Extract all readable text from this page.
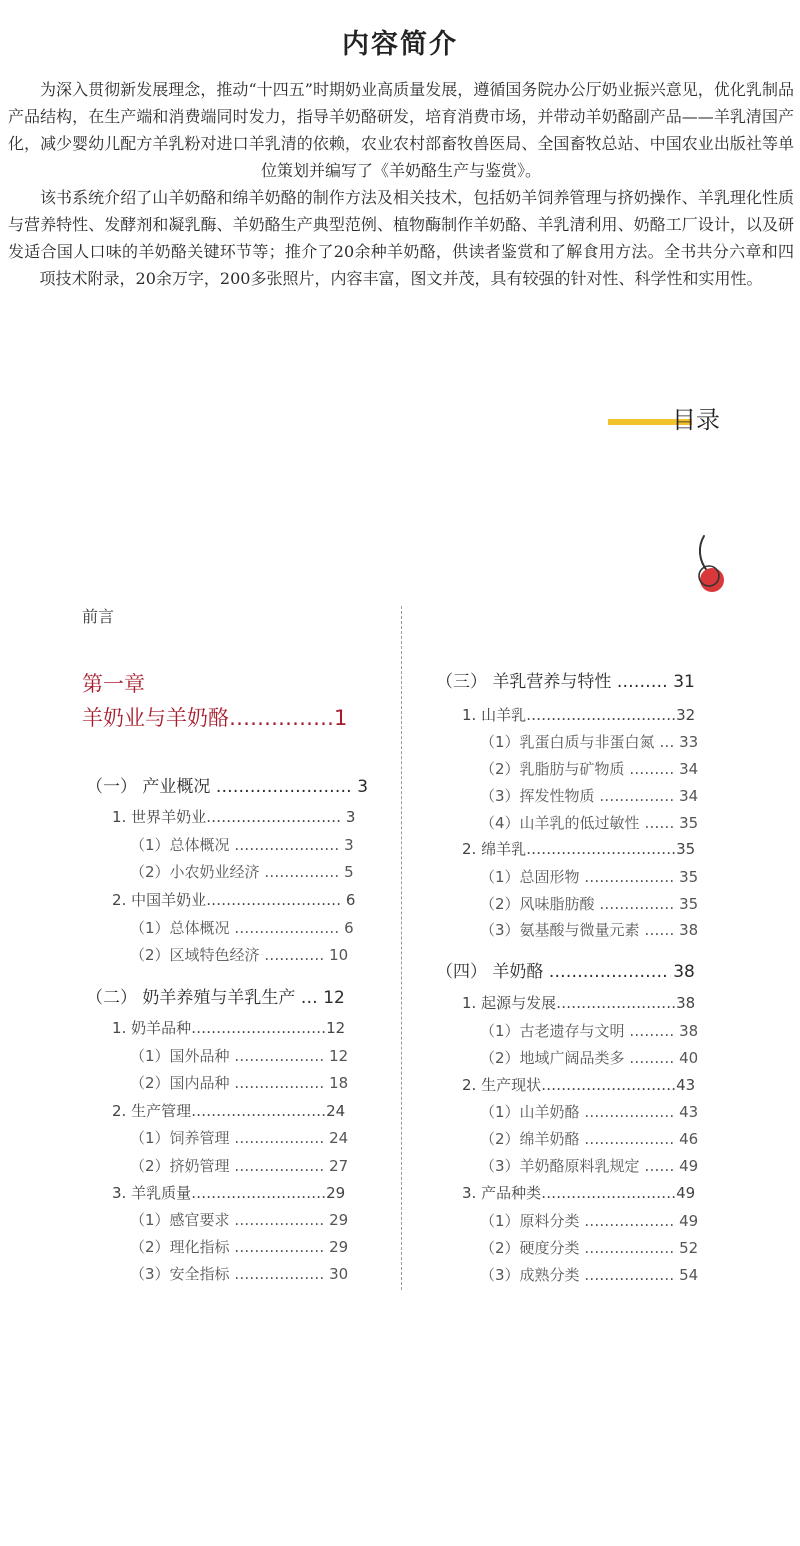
内容简介

为深入贯彻新发展理念，推动“十四五”时期奶业高质量发展，遵循国务院办公厅奶业振兴意见，优化乳制品产品结构，在生产端和消费端同时发力，指导羊奶酪研发，培育消费市场，并带动羊奶酪副产品——羊乳清国产化，减少婴幼儿配方羊乳粉对进口羊乳清的依赖，农业农村部畜牧兽医局、全国畜牧总站、中国农业出版社等单位策划并编写了《羊奶酪生产与鉴赏》。

该书系统介绍了山羊奶酪和绵羊奶酪的制作方法及相关技术，包括奶羊饲养管理与挤奶操作、羊乳理化性质与营养特性、发酵剂和凝乳酶、羊奶酪生产典型范例、植物酶制作羊奶酪、羊乳清利用、奶酪工厂设计，以及研发适合国人口味的羊奶酪关键环节等；推介了20余种羊奶酪，供读者鉴赏和了解食用方法。全书共分六章和四项技术附录，20余万字，200多张照片，内容丰富，图文并茂，具有较强的针对性、科学性和实用性。

目录
前言
第一章
羊奶业与羊奶酪……………1
（一） 产业概况 …………………… 3
1. 世界羊奶业……………………… 3
（1）总体概况 ………………… 3
（2）小农奶业经济 …………… 5
2. 中国羊奶业……………………… 6
（1）总体概况 ………………… 6
（2）区域特色经济 ………… 10
（二） 奶羊养殖与羊乳生产 … 12
1. 奶羊品种………………………12
（1）国外品种 ……………… 12
（2）国内品种 ……………… 18
2. 生产管理………………………24
（1）饲养管理 ……………… 24
（2）挤奶管理 ……………… 27
3. 羊乳质量………………………29
（1）感官要求 ……………… 29
（2）理化指标 ……………… 29
（3）安全指标 ……………… 30
（三） 羊乳营养与特性 ……… 31
1. 山羊乳…………………………32
（1）乳蛋白质与非蛋白氮 … 33
（2）乳脂肪与矿物质 ……… 34
（3）挥发性物质 …………… 34
（4）山羊乳的低过敏性 …… 35
2. 绵羊乳…………………………35
（1）总固形物 ……………… 35
（2）风味脂肪酸 …………… 35
（3）氨基酸与微量元素 …… 38
（四） 羊奶酪 ………………… 38
1. 起源与发展……………………38
（1）古老遗存与文明 ……… 38
（2）地域广阔品类多 ……… 40
2. 生产现状………………………43
（1）山羊奶酪 ……………… 43
（2）绵羊奶酪 ……………… 46
（3）羊奶酪原料乳规定 …… 49
3. 产品种类………………………49
（1）原料分类 ……………… 49
（2）硬度分类 ……………… 52
（3）成熟分类 ……………… 54
